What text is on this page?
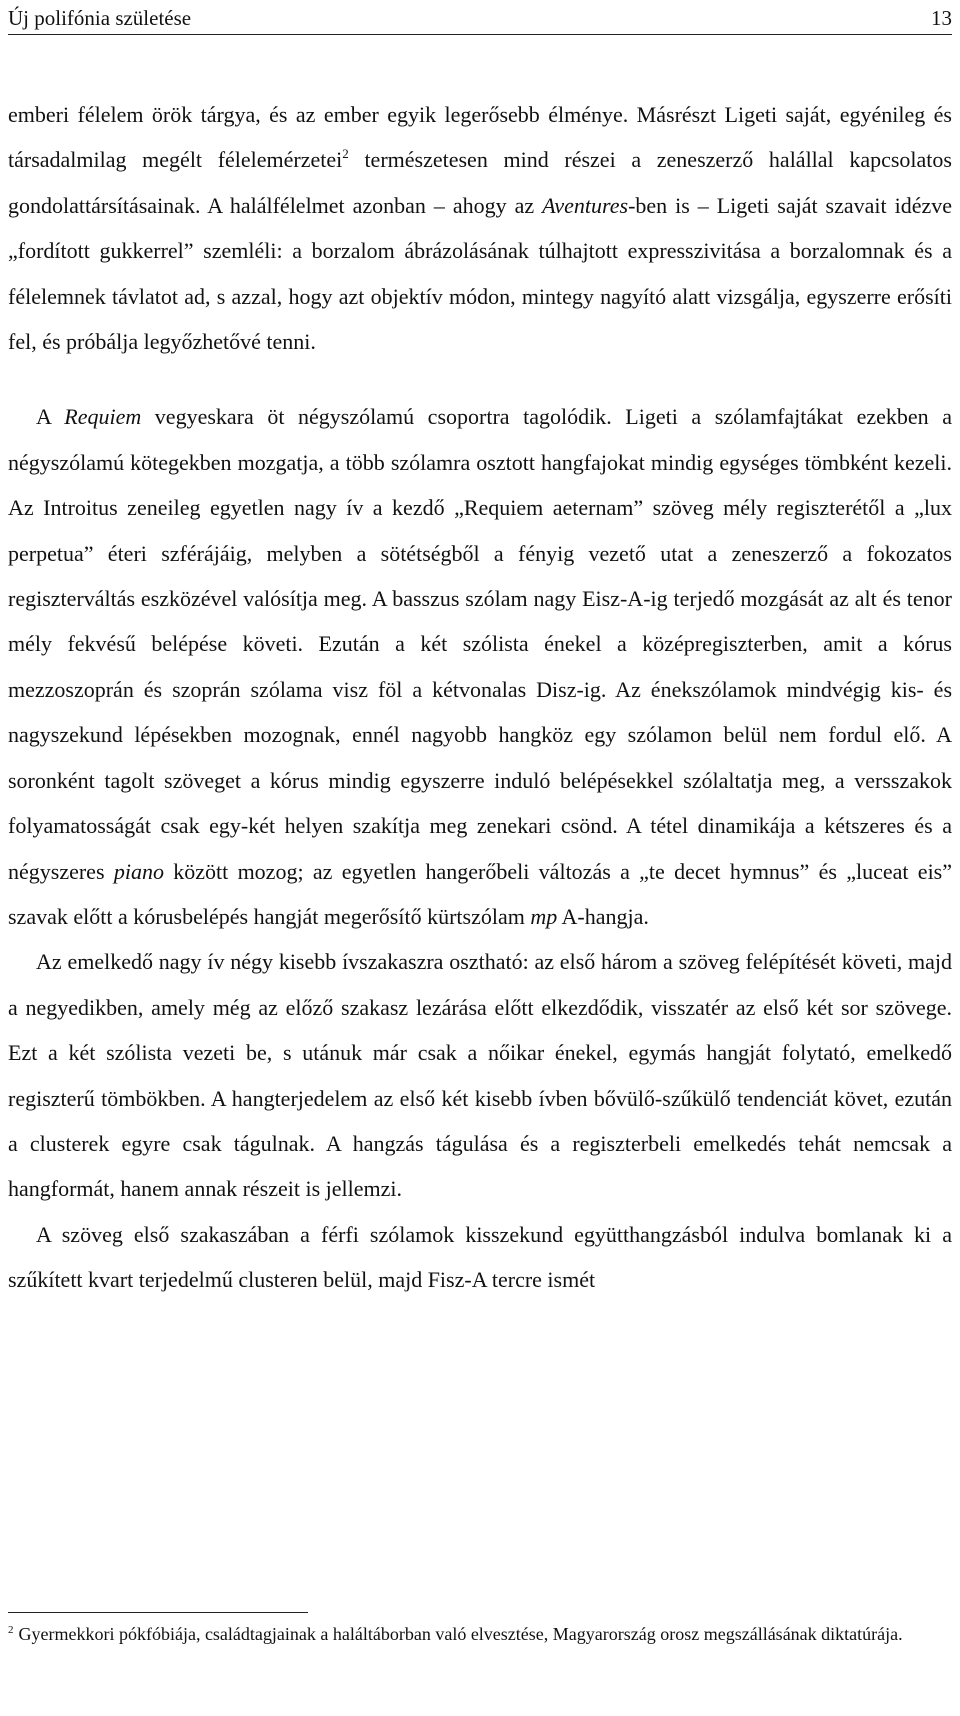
Új polifónia születése	13

emberi félelem örök tárgya, és az ember egyik legerősebb élménye. Másrészt Ligeti saját, egyénileg és társadalmilag megélt félelemérzetei$^2$ természetesen mind részei a zeneszerző halállal kapcsolatos gondolattársításainak. A halálfélelmet azonban – ahogy az Aventures-ben is – Ligeti saját szavait idézve „fordított gukkerrel” szemléli: a borzalom ábrázolásának túlhajtott expresszivitása a borzalomnak és a félelemnek távlatot ad, s azzal, hogy azt objektív módon, mintegy nagyító alatt vizsgálja, egyszerre erősíti fel, és próbálja legyőzhetővé tenni.

A Requiem vegyeskara öt négyszólamú csoportra tagolódik. Ligeti a szólamfajtákat ezekben a négyszólamú kötegekben mozgatja, a több szólamra osztott hangfajokat mindig egységes tömbként kezeli. Az Introitus zeneileg egyetlen nagy ív a kezdő „Requiem aeternam” szöveg mély regiszterétől a „lux perpetua” éteri szférájáig, melyben a sötétségből a fényig vezető utat a zeneszerző a fokozatos regiszterváltás eszközével valósítja meg. A basszus szólam nagy Eisz-A-ig terjedő mozgását az alt és tenor mély fekvésű belépése követi. Ezután a két szólista énekel a középregiszterben, amit a kórus mezzoszoprán és szoprán szólama visz föl a kétvonalas Disz-ig. Az énekszólamok mindvégig kis- és nagyszekund lépésekben mozognak, ennél nagyobb hangköz egy szólamon belül nem fordul elő. A soronként tagolt szöveget a kórus mindig egyszerre induló belépésekkel szólaltatja meg, a versszakok folyamatosságát csak egy-két helyen szakítja meg zenekari csönd. A tétel dinamikája a kétszeres és a négyszeres piano között mozog; az egyetlen hangerőbeli változás a „te decet hymnus” és „luceat eis” szavak előtt a kórusbelépés hangját megerősítő kürtszólam mp A-hangja.

Az emelkedő nagy ív négy kisebb ívszakaszra osztható: az első három a szöveg felépítését követi, majd a negyedikben, amely még az előző szakasz lezárása előtt elkezdődik, visszatér az első két sor szövege. Ezt a két szólista vezeti be, s utánuk már csak a nőikar énekel, egymás hangját folytató, emelkedő regiszterű tömbökben. A hangterjedelem az első két kisebb ívben bővülő-szűkülő tendenciát követ, ezután a clusterek egyre csak tágulnak. A hangzás tágulása és a regiszterbeli emelkedés tehát nemcsak a hangformát, hanem annak részeit is jellemzi.

A szöveg első szakaszában a férfi szólamok kisszekund együtthangzásból indulva bomlanak ki a szűkített kvart terjedelmű clusteren belül, majd Fisz-A tercre ismét

$^2$ Gyermekkori pókfóbiája, családtagjainak a haláltáborban való elvesztése, Magyarország orosz megszállásának diktatúrája.
